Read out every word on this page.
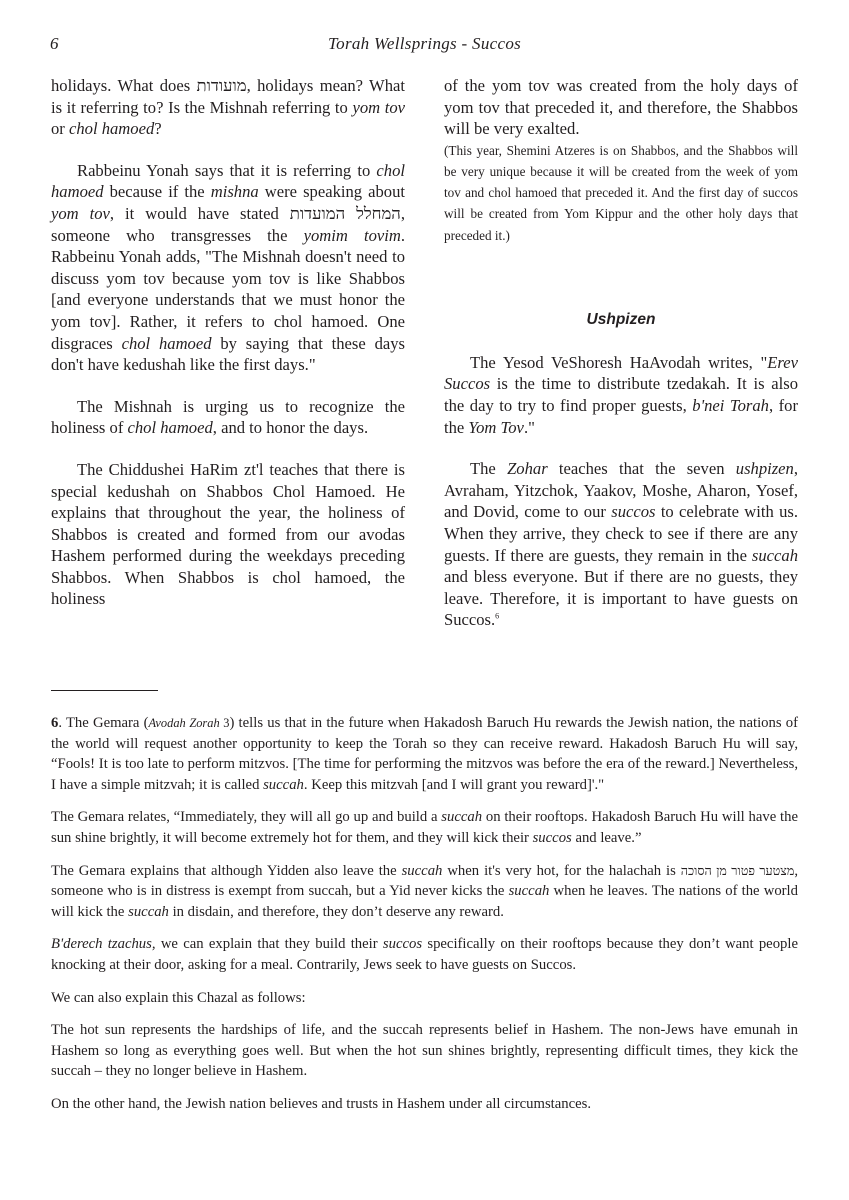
6	Torah Wellsprings - Succos

holidays. What does מועודות, holidays mean? What is it referring to? Is the Mishnah referring to yom tov or chol hamoed?

Rabbeinu Yonah says that it is referring to chol hamoed because if the mishna were speaking about yom tov, it would have stated המחלל המועדות, someone who transgresses the yomim tovim. Rabbeinu Yonah adds, "The Mishnah doesn't need to discuss yom tov because yom tov is like Shabbos [and everyone understands that we must honor the yom tov]. Rather, it refers to chol hamoed. One disgraces chol hamoed by saying that these days don't have kedushah like the first days."

The Mishnah is urging us to recognize the holiness of chol hamoed, and to honor the days.

The Chiddushei HaRim zt'l teaches that there is special kedushah on Shabbos Chol Hamoed. He explains that throughout the year, the holiness of Shabbos is created and formed from our avodas Hashem performed during the weekdays preceding Shabbos. When Shabbos is chol hamoed, the holiness

of the yom tov was created from the holy days of yom tov that preceded it, and therefore, the Shabbos will be very exalted.

(This year, Shemini Atzeres is on Shabbos, and the Shabbos will be very unique because it will be created from the week of yom tov and chol hamoed that preceded it. And the first day of succos will be created from Yom Kippur and the other holy days that preceded it.)

Ushpizen

The Yesod VeShoresh HaAvodah writes, "Erev Succos is the time to distribute tzedakah. It is also the day to try to find proper guests, b'nei Torah, for the Yom Tov."

The Zohar teaches that the seven ushpizen, Avraham, Yitzchok, Yaakov, Moshe, Aharon, Yosef, and Dovid, come to our succos to celebrate with us. When they arrive, they check to see if there are any guests. If there are guests, they remain in the succah and bless everyone. But if there are no guests, they leave. Therefore, it is important to have guests on Succos.$^6$

6. The Gemara (Avodah Zorah 3) tells us that in the future when Hakadosh Baruch Hu rewards the Jewish nation, the nations of the world will request another opportunity to keep the Torah so they can receive reward. Hakadosh Baruch Hu will say, “Fools! It is too late to perform mitzvos. [The time for performing the mitzvos was before the era of the reward.] Nevertheless, I have a simple mitzvah; it is called succah. Keep this mitzvah [and I will grant you reward]'."

The Gemara relates, “Immediately, they will all go up and build a succah on their rooftops. Hakadosh Baruch Hu will have the sun shine brightly, it will become extremely hot for them, and they will kick their succos and leave.”

The Gemara explains that although Yidden also leave the succah when it's very hot, for the halachah is מצטער פטור מן הסוכה, someone who is in distress is exempt from succah, but a Yid never kicks the succah when he leaves. The nations of the world will kick the succah in disdain, and therefore, they don’t deserve any reward.

B'derech tzachus, we can explain that they build their succos specifically on their rooftops because they don’t want people knocking at their door, asking for a meal. Contrarily, Jews seek to have guests on Succos.

We can also explain this Chazal as follows:

The hot sun represents the hardships of life, and the succah represents belief in Hashem. The non-Jews have emunah in Hashem so long as everything goes well. But when the hot sun shines brightly, representing difficult times, they kick the succah – they no longer believe in Hashem.

On the other hand, the Jewish nation believes and trusts in Hashem under all circumstances.
